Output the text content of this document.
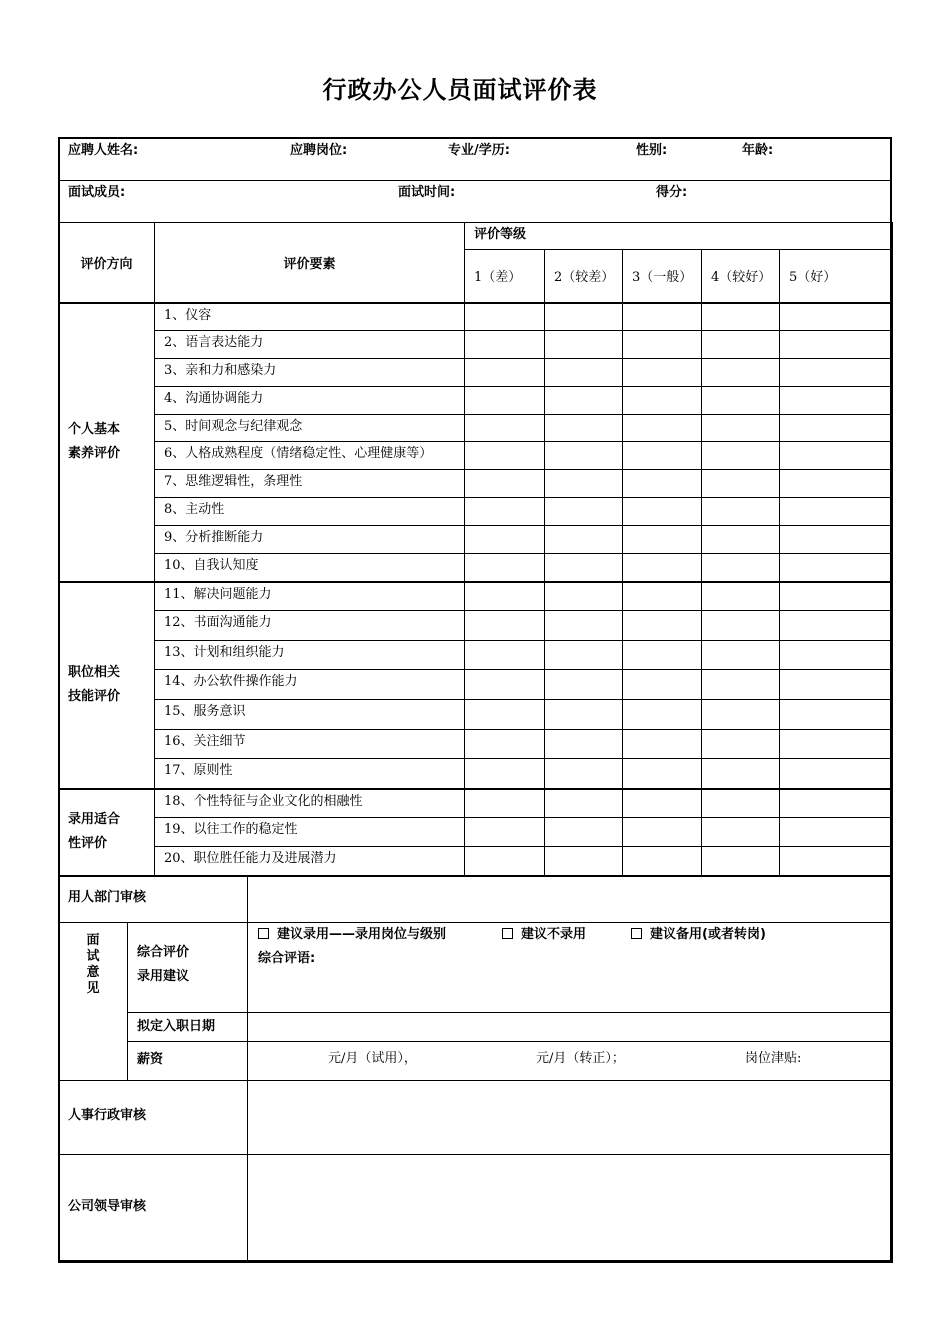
行政办公人员面试评价表

应聘人姓名:	应聘岗位:	专业/学历:	性别:	年龄:
面试成员:	面试时间:	得分:
评价方向	评价要素	评价等级				
		1（差）	2（较差）	3（一般）	4（较好）	5（好）

个人基本
素养评价	1、仪容					
	2、语言表达能力					
	3、亲和力和感染力					
	4、沟通协调能力					
	5、时间观念与纪律观念					
	6、人格成熟程度（情绪稳定性、心理健康等）					
	7、思维逻辑性，条理性					
	8、主动性					
	9、分析推断能力					
	10、自我认知度					

职位相关
技能评价	11、解决问题能力					
	12、书面沟通能力					
	13、计划和组织能力					
	14、办公软件操作能力					
	15、服务意识					
	16、关注细节					
	17、原则性					

录用适合
性评价	18、个性特征与企业文化的相融性					
	19、以往工作的稳定性					
	20、职位胜任能力及进展潜力					
用人部门审核	
面
试
意
见	综合评价
录用建议	建议录用——录用岗位与级别 建议不录用 建议备用(或者转岗)
综合评语:

	拟定入职日期	
	薪资	元/月（试用）， 元/月（转正）； 岗位津贴:
人事行政审核	
公司领导审核	
